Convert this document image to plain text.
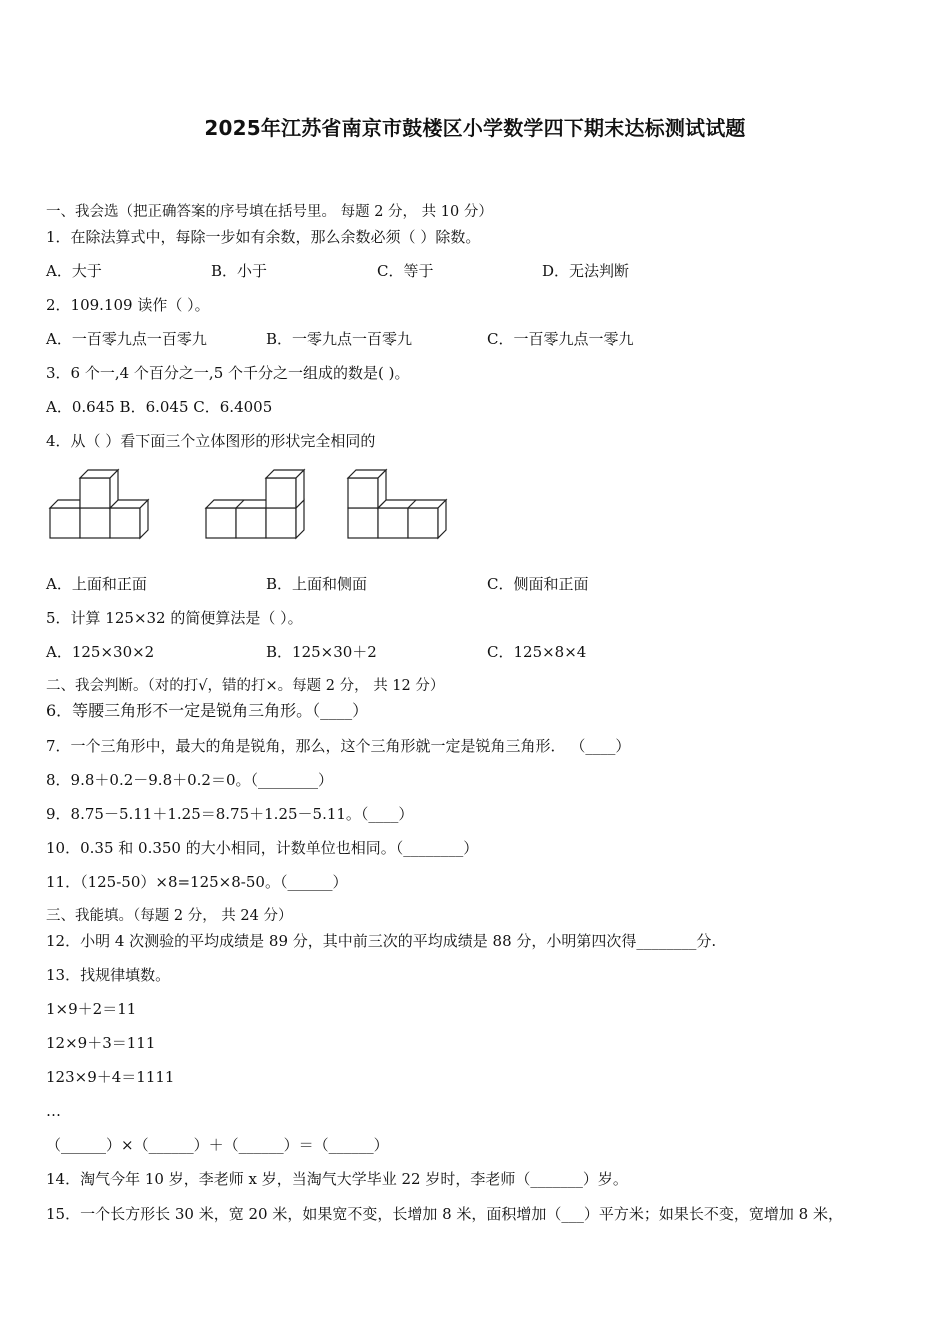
2025年江苏省南京市鼓楼区小学数学四下期末达标测试试题
一、我会选（把正确答案的序号填在括号里。 每题 2 分， 共 10 分）
1．在除法算式中，每除一步如有余数，那么余数必须（ ）除数。
A．大于	B．小于	C．等于	D．无法判断
2．109.109 读作（ ）。
A．一百零九点一百零九	B．一零九点一百零九	C．一百零九点一零九
3．6 个一,4 个百分之一,5 个千分之一组成的数是( )。
A．0.645 B．6.045 C．6.4005
4．从（ ）看下面三个立体图形的形状完全相同的
A．上面和正面	B．上面和侧面	C．侧面和正面
5．计算 125×32 的简便算法是（ ）。
A．125×30×2	B．125×30＋2	C．125×8×4
二、我会判断。（对的打√，错的打×。每题 2 分， 共 12 分）
6．等腰三角形不一定是锐角三角形。（____）
7．一个三角形中，最大的角是锐角，那么，这个三角形就一定是锐角三角形． （____）
8．9.8＋0.2－9.8＋0.2＝0。（________）
9．8.75－5.11＋1.25＝8.75＋1.25－5.11。（____）
10．0.35 和 0.350 的大小相同，计数单位也相同。（________）
11．（125-50）×8=125×8-50。（______）
三、我能填。（每题 2 分， 共 24 分）
12．小明 4 次测验的平均成绩是 89 分，其中前三次的平均成绩是 88 分，小明第四次得________分.
13．找规律填数。
1×9＋2＝11
12×9＋3＝111
123×9＋4＝1111
…
（______）×（______）＋（______）＝（______）
14．淘气今年 10 岁，李老师 x 岁，当淘气大学毕业 22 岁时，李老师（_______）岁。
15．一个长方形长 30 米，宽 20 米，如果宽不变，长增加 8 米，面积增加（___）平方米；如果长不变，宽增加 8 米，
